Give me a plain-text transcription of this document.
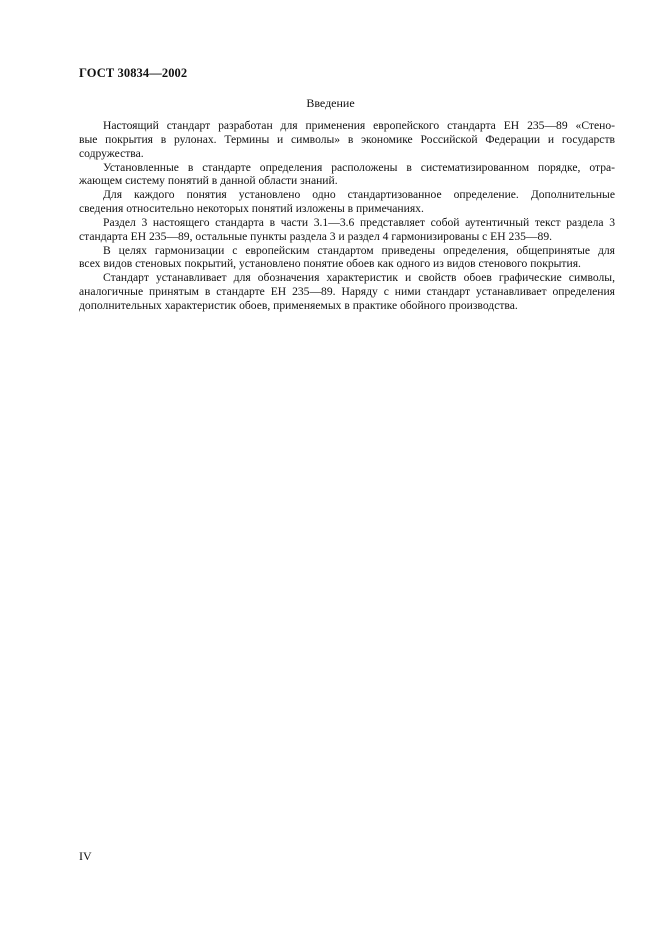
ГОСТ 30834—2002
Введение
Настоящий стандарт разработан для применения европейского стандарта ЕН 235—89 «Стено-
вые покрытия в рулонах. Термины и символы» в экономике Российской Федерации и государств
содружества.
Установленные в стандарте определения расположены в систематизированном порядке, отра-
жающем систему понятий в данной области знаний.
Для каждого понятия установлено одно стандартизованное определение. Дополнительные
сведения относительно некоторых понятий изложены в примечаниях.
Раздел 3 настоящего стандарта в части 3.1—3.6 представляет собой аутентичный текст раздела 3
стандарта ЕН 235—89, остальные пункты раздела 3 и раздел 4 гармонизированы с ЕН 235—89.
В целях гармонизации с европейским стандартом приведены определения, общепринятые для
всех видов стеновых покрытий, установлено понятие обоев как одного из видов стенового покрытия.
Стандарт устанавливает для обозначения характеристик и свойств обоев графические символы,
аналогичные принятым в стандарте ЕН 235—89. Наряду с ними стандарт устанавливает определения
дополнительных характеристик обоев, применяемых в практике обойного производства.
IV
